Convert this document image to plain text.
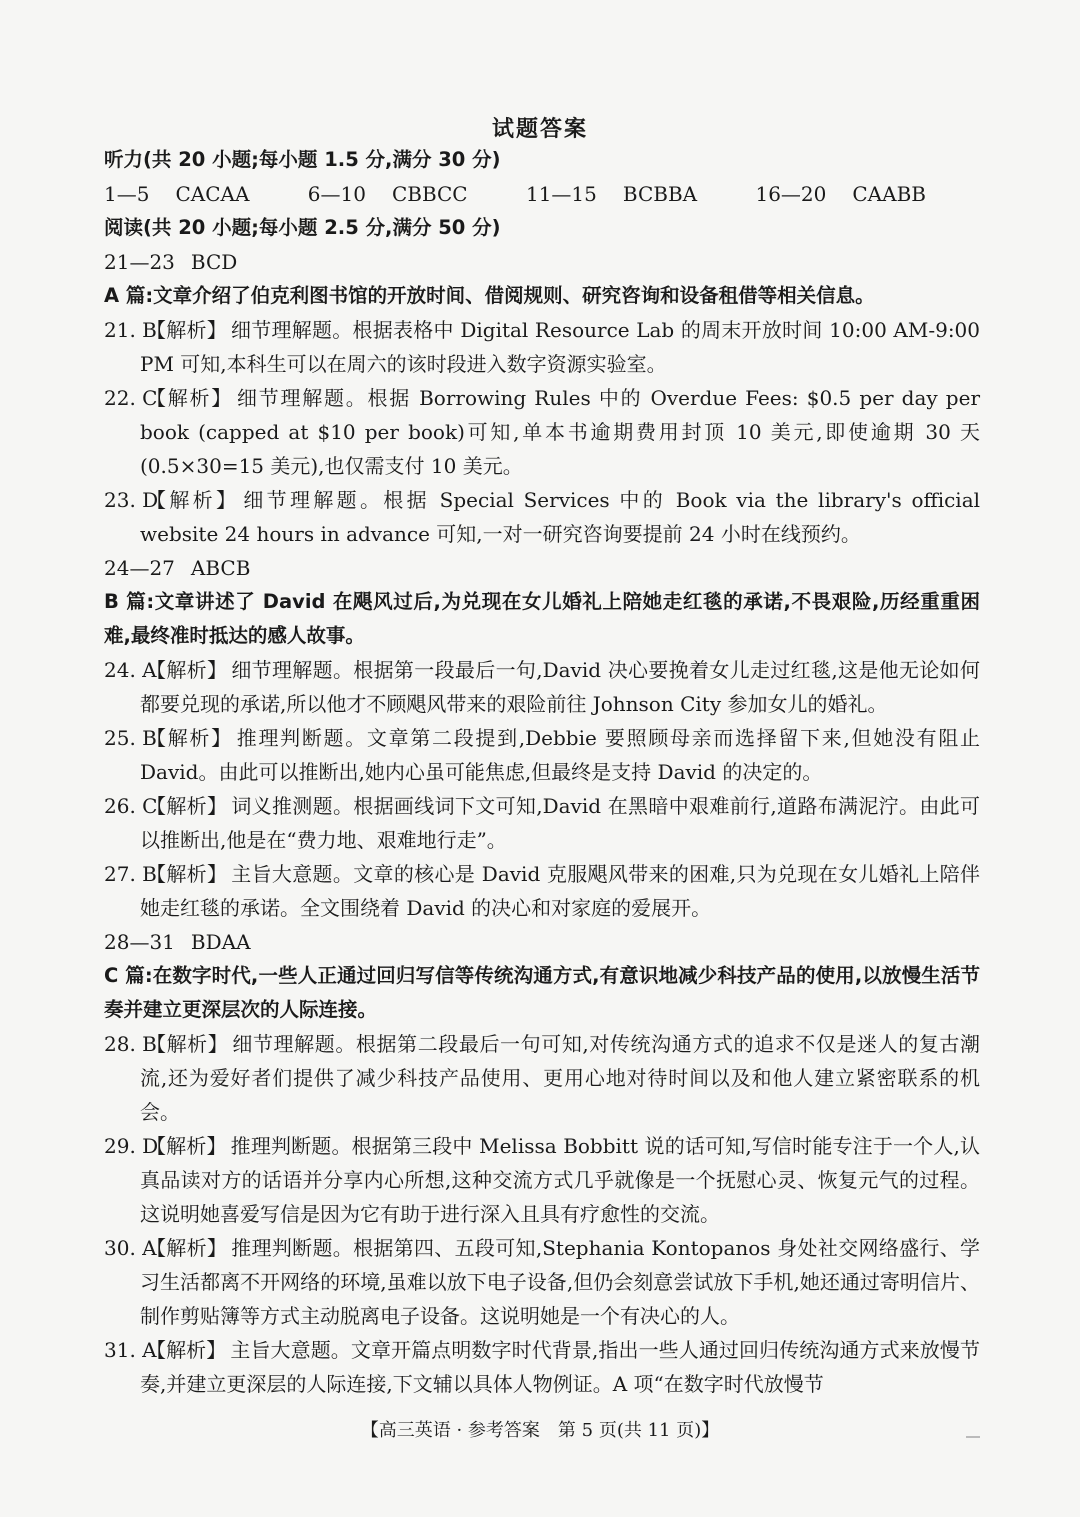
试题答案
听力(共 20 小题;每小题 1.5 分,满分 30 分)
1—5 CACAA	6—10 CBBCC	11—15 BCBBA	16—20 CAABB
阅读(共 20 小题;每小题 2.5 分,满分 50 分)
21—23 BCD
A 篇:文章介绍了伯克利图书馆的开放时间、借阅规则、研究咨询和设备租借等相关信息。
21. B
【解析】 细节理解题。根据表格中 Digital Resource Lab 的周末开放时间 10:00 AM-9:00 PM 可知,本科生可以在周六的该时段进入数字资源实验室。
22. C
【解析】 细节理解题。根据 Borrowing Rules 中的 Overdue Fees: $0.5 per day per book (capped at $10 per book)可知,单本书逾期费用封顶 10 美元,即使逾期 30 天(0.5×30=15 美元),也仅需支付 10 美元。
23. D
【解析】 细节理解题。根据 Special Services 中的 Book via the library's official website 24 hours in advance 可知,一对一研究咨询要提前 24 小时在线预约。
24—27 ABCB
B 篇:文章讲述了 David 在飓风过后,为兑现在女儿婚礼上陪她走红毯的承诺,不畏艰险,历经重重困难,最终准时抵达的感人故事。
24. A
【解析】 细节理解题。根据第一段最后一句,David 决心要挽着女儿走过红毯,这是他无论如何都要兑现的承诺,所以他才不顾飓风带来的艰险前往 Johnson City 参加女儿的婚礼。
25. B
【解析】 推理判断题。文章第二段提到,Debbie 要照顾母亲而选择留下来,但她没有阻止 David。由此可以推断出,她内心虽可能焦虑,但最终是支持 David 的决定的。
26. C
【解析】 词义推测题。根据画线词下文可知,David 在黑暗中艰难前行,道路布满泥泞。由此可以推断出,他是在“费力地、艰难地行走”。
27. B
【解析】 主旨大意题。文章的核心是 David 克服飓风带来的困难,只为兑现在女儿婚礼上陪伴她走红毯的承诺。全文围绕着 David 的决心和对家庭的爱展开。
28—31 BDAA
C 篇:在数字时代,一些人正通过回归写信等传统沟通方式,有意识地减少科技产品的使用,以放慢生活节奏并建立更深层次的人际连接。
28. B
【解析】 细节理解题。根据第二段最后一句可知,对传统沟通方式的追求不仅是迷人的复古潮流,还为爱好者们提供了减少科技产品使用、更用心地对待时间以及和他人建立紧密联系的机会。
29. D
【解析】 推理判断题。根据第三段中 Melissa Bobbitt 说的话可知,写信时能专注于一个人,认真品读对方的话语并分享内心所想,这种交流方式几乎就像是一个抚慰心灵、恢复元气的过程。这说明她喜爱写信是因为它有助于进行深入且具有疗愈性的交流。
30. A
【解析】 推理判断题。根据第四、五段可知,Stephania Kontopanos 身处社交网络盛行、学习生活都离不开网络的环境,虽难以放下电子设备,但仍会刻意尝试放下手机,她还通过寄明信片、制作剪贴簿等方式主动脱离电子设备。这说明她是一个有决心的人。
31. A
【解析】 主旨大意题。文章开篇点明数字时代背景,指出一些人通过回归传统沟通方式来放慢节奏,并建立更深层的人际连接,下文辅以具体人物例证。A 项“在数字时代放慢节
【高三英语 · 参考答案　第 5 页(共 11 页)】
